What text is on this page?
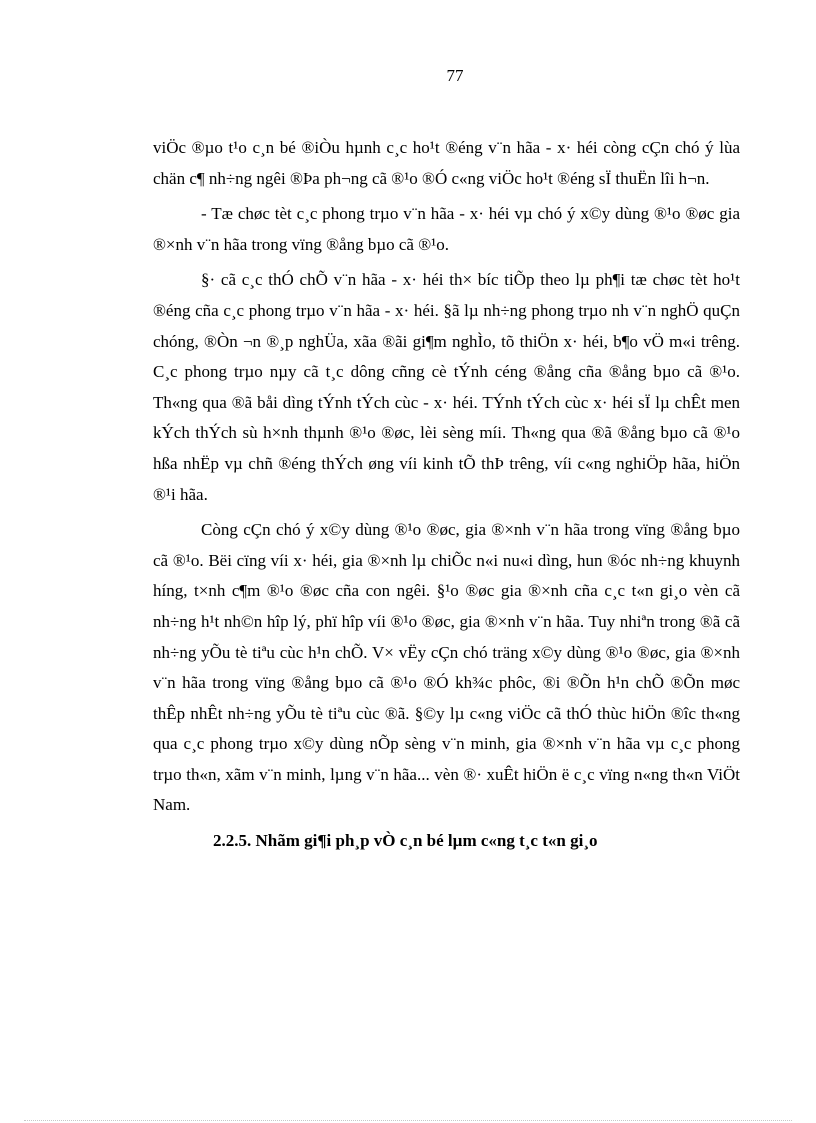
77

viÖc ®µo t¹o c¸n bé ®iÒu hµnh c¸c ho¹t ®éng v¨n hãa - x· héi còng cÇn chó ý lùa chän c¶ nh÷ng ngêi ®Þa ph¬ng cã ®¹o ®Ó c«ng viÖc ho¹t ®éng sÏ thuËn lîi h¬n.

- Tæ chøc tèt c¸c phong trµo v¨n hãa - x· héi vµ chó ý x©y dùng ®¹o ®øc gia ®×nh v¨n hãa trong vïng ®ång bµo cã ®¹o.

§· cã c¸c thÓ chÕ v¨n hãa - x· héi th× bíc tiÕp theo lµ ph¶i tæ chøc tèt ho¹t ®éng cña c¸c phong trµo v¨n hãa - x· héi. §ã lµ nh÷ng phong trµo nh v¨n nghÖ quÇn chóng, ®Òn ¬n ®¸p nghÜa, xãa ®ãi gi¶m nghÌo, tõ thiÖn x· héi, b¶o vÖ m«i trêng. C¸c phong trµo nµy cã t¸c dông cñng cè tÝnh céng ®ång cña ®ång bµo cã ®¹o. Th«ng qua ®ã båi dìng tÝnh tÝch cùc - x· héi. TÝnh tÝch cùc x· héi sÏ lµ chÊt men kÝch thÝch sù h×nh thµnh ®¹o ®øc, lèi sèng míi. Th«ng qua ®ã ®ång bµo cã ®¹o hßa nhËp vµ chñ ®éng thÝch øng víi kinh tÕ thÞ trêng, víi c«ng nghiÖp hãa, hiÖn ®¹i hãa.

Còng cÇn chó ý x©y dùng ®¹o ®øc, gia ®×nh v¨n hãa trong vïng ®ång bµo cã ®¹o. Bëi cïng víi x· héi, gia ®×nh lµ chiÕc n«i nu«i dìng, hun ®óc nh÷ng khuynh híng, t×nh c¶m ®¹o ®øc cña con ngêi. §¹o ®øc gia ®×nh cña c¸c t«n gi¸o vèn cã nh÷ng h¹t nh©n hîp lý, phï hîp víi ®¹o ®øc, gia ®×nh v¨n hãa. Tuy nhiªn trong ®ã cã nh÷ng yÕu tè tiªu cùc h¹n chÕ. V× vËy cÇn chó träng x©y dùng ®¹o ®øc, gia ®×nh v¨n hãa trong vïng ®ång bµo cã ®¹o ®Ó kh¾c phôc, ®i ®Õn h¹n chÕ ®Õn møc thÊp nhÊt nh÷ng yÕu tè tiªu cùc ®ã. §©y lµ c«ng viÖc cã thÓ thùc hiÖn ®îc th«ng qua c¸c phong trµo x©y dùng nÕp sèng v¨n minh, gia ®×nh v¨n hãa vµ c¸c phong trµo th«n, xãm v¨n minh, lµng v¨n hãa... vèn ®· xuÊt hiÖn ë c¸c vïng n«ng th«n ViÖt Nam.

2.2.5. Nhãm gi¶i ph¸p vÒ c¸n bé lµm c«ng t¸c t«n gi¸o
